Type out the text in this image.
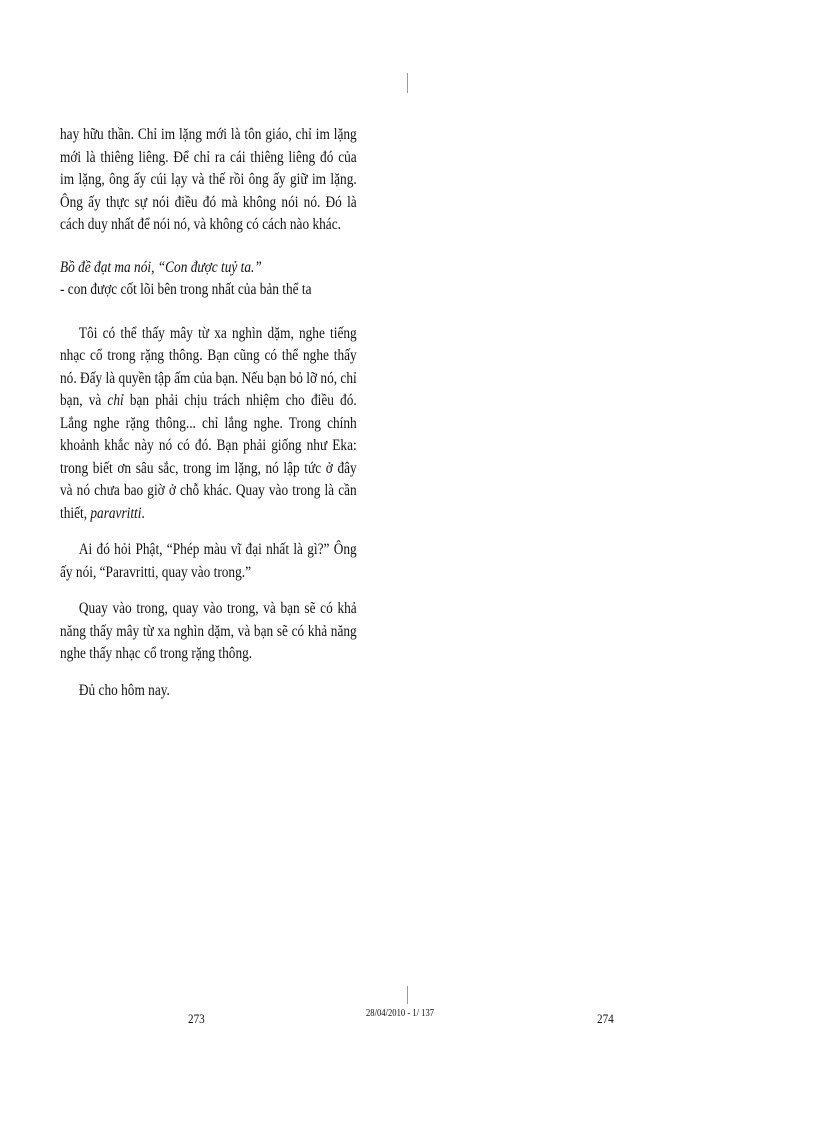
hay hữu thần. Chỉ im lặng mới là tôn giáo, chỉ im lặng mới là thiêng liêng. Để chỉ ra cái thiêng liêng đó của im lặng, ông ấy cúi lạy và thế rồi ông ấy giữ im lặng. Ông ấy thực sự nói điều đó mà không nói nó. Đó là cách duy nhất để nói nó, và không có cách nào khác.

Bồ đề đạt ma nói, “Con được tuỷ ta.”

- con được cốt lõi bên trong nhất của bản thể ta

Tôi có thể thấy mây từ xa nghìn dặm, nghe tiếng nhạc cổ trong rặng thông. Bạn cũng có thể nghe thấy nó. Đấy là quyền tập ấm của bạn. Nếu bạn bỏ lỡ nó, chỉ bạn, và chỉ bạn phải chịu trách nhiệm cho điều đó. Lắng nghe rặng thông... chỉ lắng nghe. Trong chính khoảnh khắc này nó có đó. Bạn phải giống như Eka: trong biết ơn sâu sắc, trong im lặng, nó lập tức ở đây và nó chưa bao giờ ở chỗ khác. Quay vào trong là cần thiết, paravritti.

Ai đó hỏi Phật, “Phép màu vĩ đại nhất là gì?” Ông ấy nói, “Paravritti, quay vào trong.”

Quay vào trong, quay vào trong, và bạn sẽ có khả năng thấy mây từ xa nghìn dặm, và bạn sẽ có khả năng nghe thấy nhạc cổ trong rặng thông.

Đủ cho hôm nay.

273	28/04/2010 - 1/ 137	274
